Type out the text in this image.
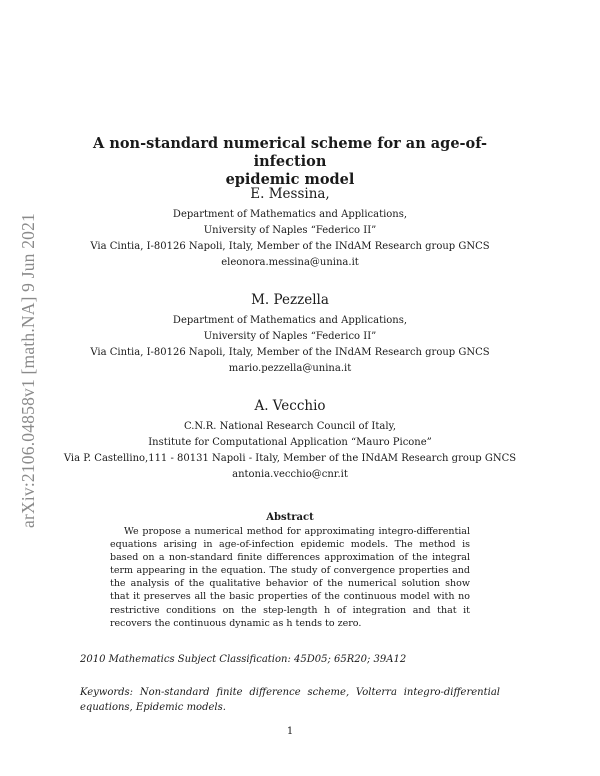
arXiv:2106.04858v1 [math.NA] 9 Jun 2021
A non-standard numerical scheme for an age-of-infection
epidemic model
E. Messina,
Department of Mathematics and Applications,
University of Naples “Federico II”
Via Cintia, I-80126 Napoli, Italy, Member of the INdAM Research group GNCS
eleonora.messina@unina.it
M. Pezzella
Department of Mathematics and Applications,
University of Naples “Federico II”
Via Cintia, I-80126 Napoli, Italy, Member of the INdAM Research group GNCS
mario.pezzella@unina.it
A. Vecchio
C.N.R. National Research Council of Italy,
Institute for Computational Application “Mauro Picone”
Via P. Castellino,111 - 80131 Napoli - Italy, Member of the INdAM Research group GNCS
antonia.vecchio@cnr.it
Abstract

We propose a numerical method for approximating integro-differential equations arising in age-of-infection epidemic models. The method is based on a non-standard finite differences approximation of the integral term appearing in the equation. The study of convergence properties and the analysis of the qualitative behavior of the numerical solution show that it preserves all the basic properties of the continuous model with no restrictive conditions on the step-length h of integration and that it recovers the continuous dynamic as h tends to zero.

2010 Mathematics Subject Classification: 45D05; 65R20; 39A12

Keywords: Non-standard finite difference scheme, Volterra integro-differential equations, Epidemic models.

1
